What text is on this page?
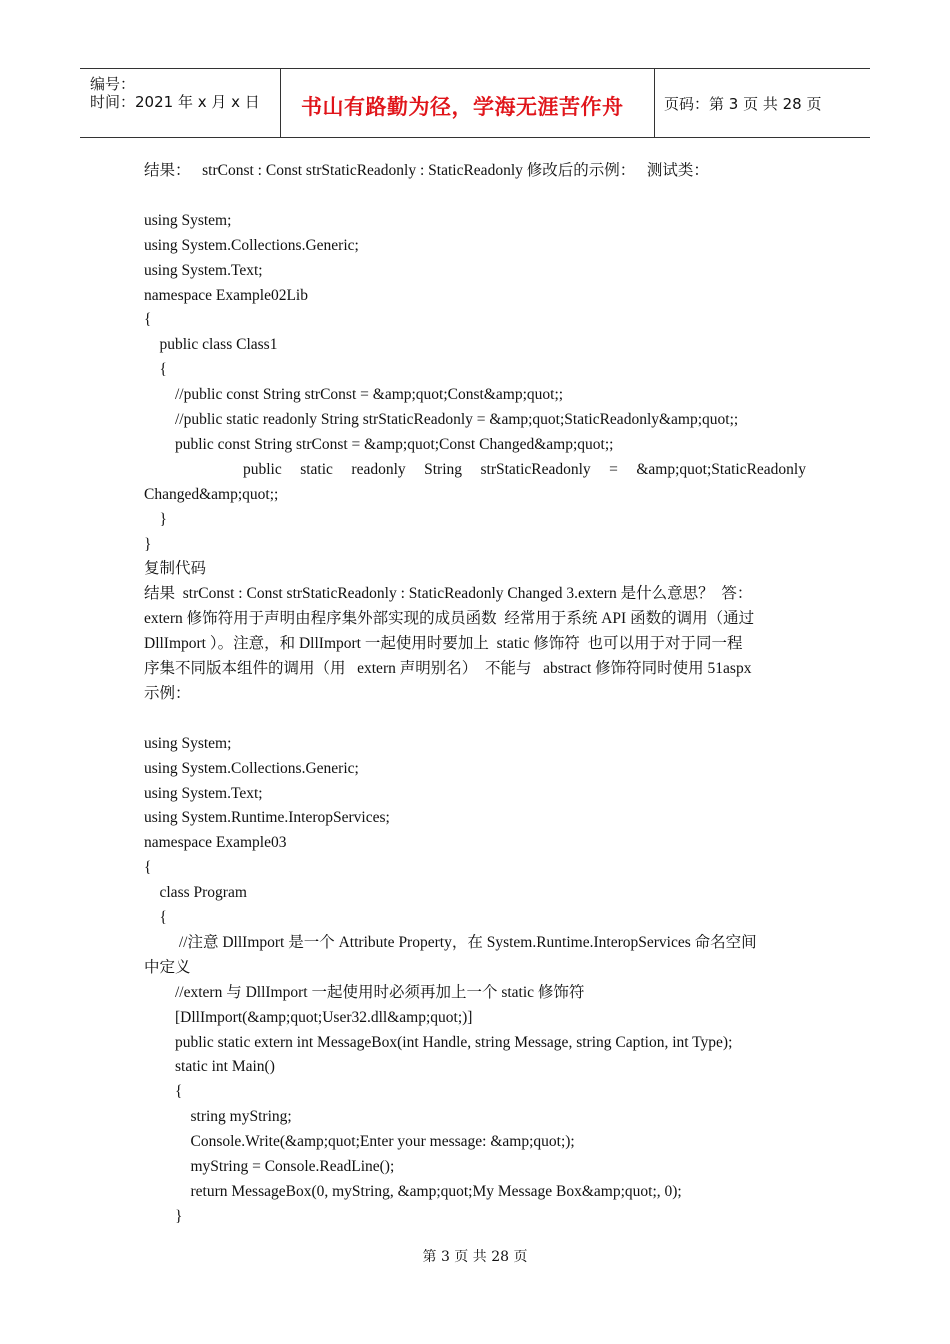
编号：
时间：2021 年 x 月 x 日 书山有路勤为径，学海无涯苦作舟	页码：第 3 页 共 28 页
结果：   strConst : Const strStaticReadonly : StaticReadonly 修改后的示例：   测试类：
using System;
using System.Collections.Generic;
using System.Text;
namespace Example02Lib
{
public class Class1
{
//public const String strConst = &amp;quot;Const&amp;quot;;
//public static readonly String strStaticReadonly = &amp;quot;StaticReadonly&amp;quot;;
public const String strConst = &amp;quot;Const Changed&amp;quot;;
public static readonly String strStaticReadonly = &amp;quot;StaticReadonly
Changed&amp;quot;;
}
}
复制代码
结果  strConst : Const strStaticReadonly : StaticReadonly Changed 3.extern 是什么意思？  答：
extern 修饰符用于声明由程序集外部实现的成员函数  经常用于系统 API 函数的调用（通过
DllImport ）。注意，和 DllImport 一起使用时要加上  static 修饰符  也可以用于对于同一程
序集不同版本组件的调用（用   extern 声明别名）  不能与   abstract 修饰符同时使用 51aspx
示例：
using System;
using System.Collections.Generic;
using System.Text;
using System.Runtime.InteropServices;
namespace Example03
{
class Program
{
//注意 DllImport 是一个 Attribute Property，在 System.Runtime.InteropServices 命名空间
中定义
//extern 与 DllImport 一起使用时必须再加上一个 static 修饰符
[DllImport(&amp;quot;User32.dll&amp;quot;)]
public static extern int MessageBox(int Handle, string Message, string Caption, int Type);
static int Main()
{
string myString;
Console.Write(&amp;quot;Enter your message: &amp;quot;);
myString = Console.ReadLine();
return MessageBox(0, myString, &amp;quot;My Message Box&amp;quot;, 0);
}
第 3 页 共 28 页
